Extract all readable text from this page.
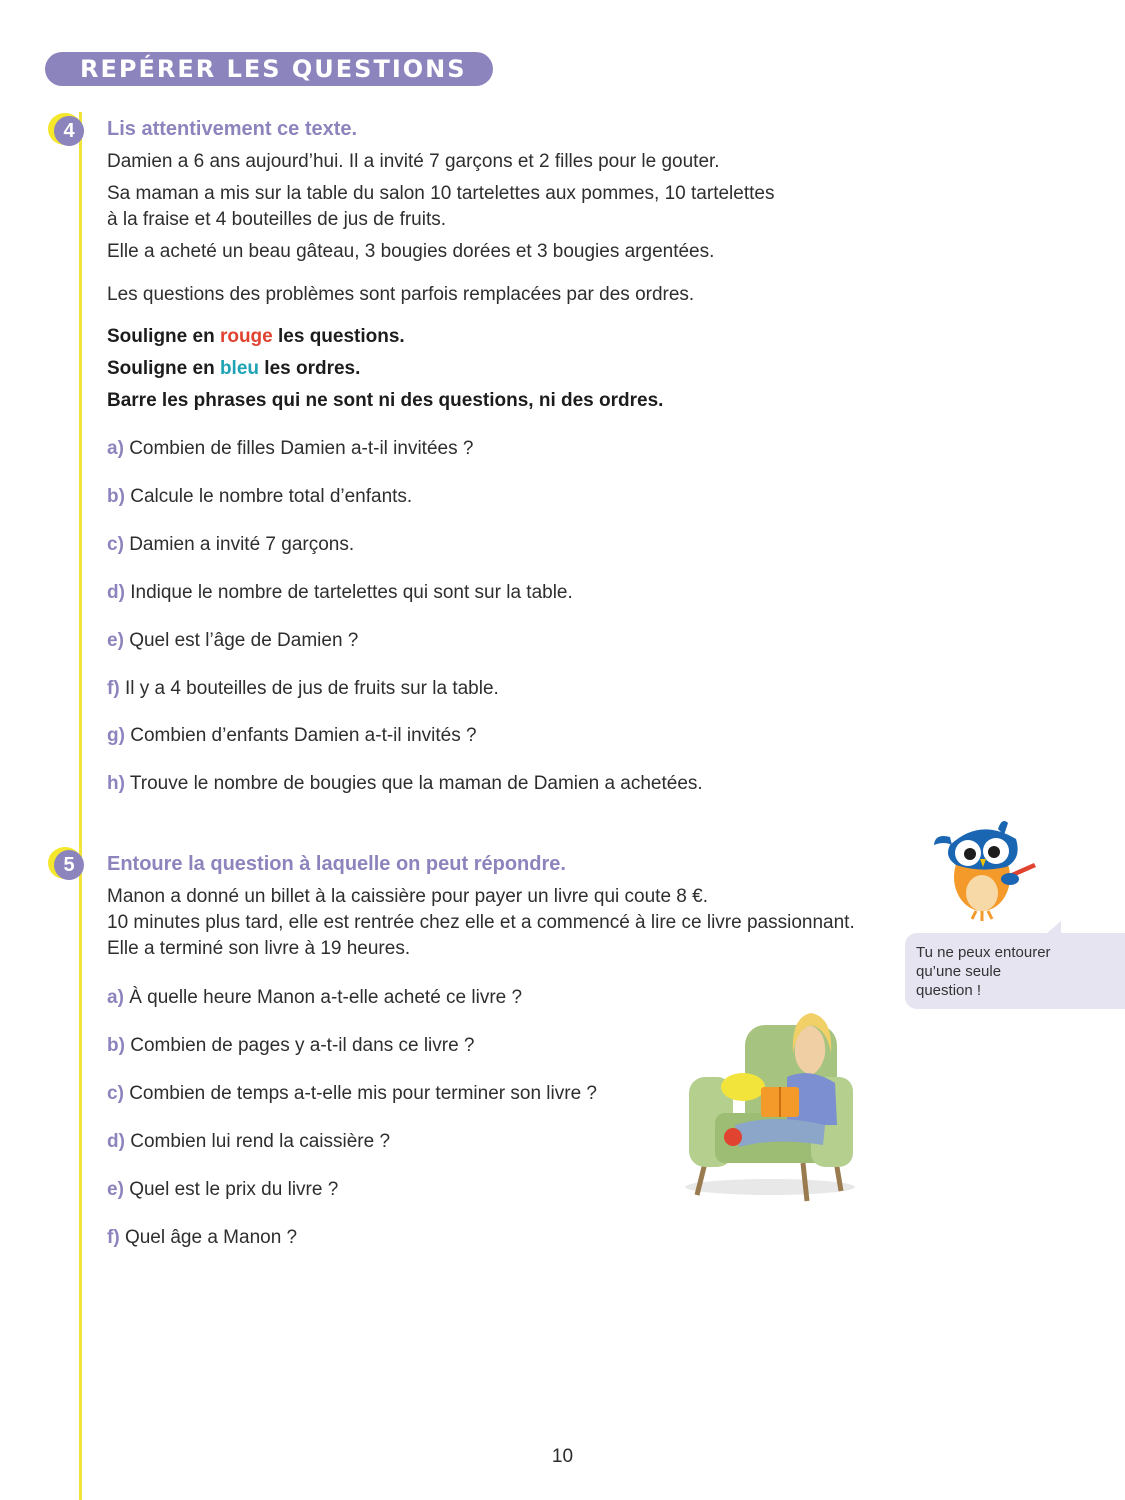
REPÉRER LES QUESTIONS
4	Lis attentivement ce texte.
Damien a 6 ans aujourd’hui. Il a invité 7 garçons et 2 filles pour le gouter.
Sa maman a mis sur la table du salon 10 tartelettes aux pommes, 10 tartelettes
à la fraise et 4 bouteilles de jus de fruits.
Elle a acheté un beau gâteau, 3 bougies dorées et 3 bougies argentées.
Les questions des problèmes sont parfois remplacées par des ordres.
Souligne en rouge les questions.
Souligne en bleu les ordres.
Barre les phrases qui ne sont ni des questions, ni des ordres.
a) Combien de filles Damien a-t-il invitées ?
b) Calcule le nombre total d’enfants.
c) Damien a invité 7 garçons.
d) Indique le nombre de tartelettes qui sont sur la table.
e) Quel est l’âge de Damien ?
f) Il y a 4 bouteilles de jus de fruits sur la table.
g) Combien d’enfants Damien a-t-il invités ?
h) Trouve le nombre de bougies que la maman de Damien a achetées.
5	Entoure la question à laquelle on peut répondre.
Manon a donné un billet à la caissière pour payer un livre qui coute 8 €.
10 minutes plus tard, elle est rentrée chez elle et a commencé à lire ce livre passionnant.
Elle a terminé son livre à 19 heures.
a) À quelle heure Manon a-t-elle acheté ce livre ?
b) Combien de pages y a-t-il dans ce livre ?
c) Combien de temps a-t-elle mis pour terminer son livre ?
d) Combien lui rend la caissière ?
e) Quel est le prix du livre ?
f) Quel âge a Manon ?
Tu ne peux entourer
qu’une seule
question !
10
